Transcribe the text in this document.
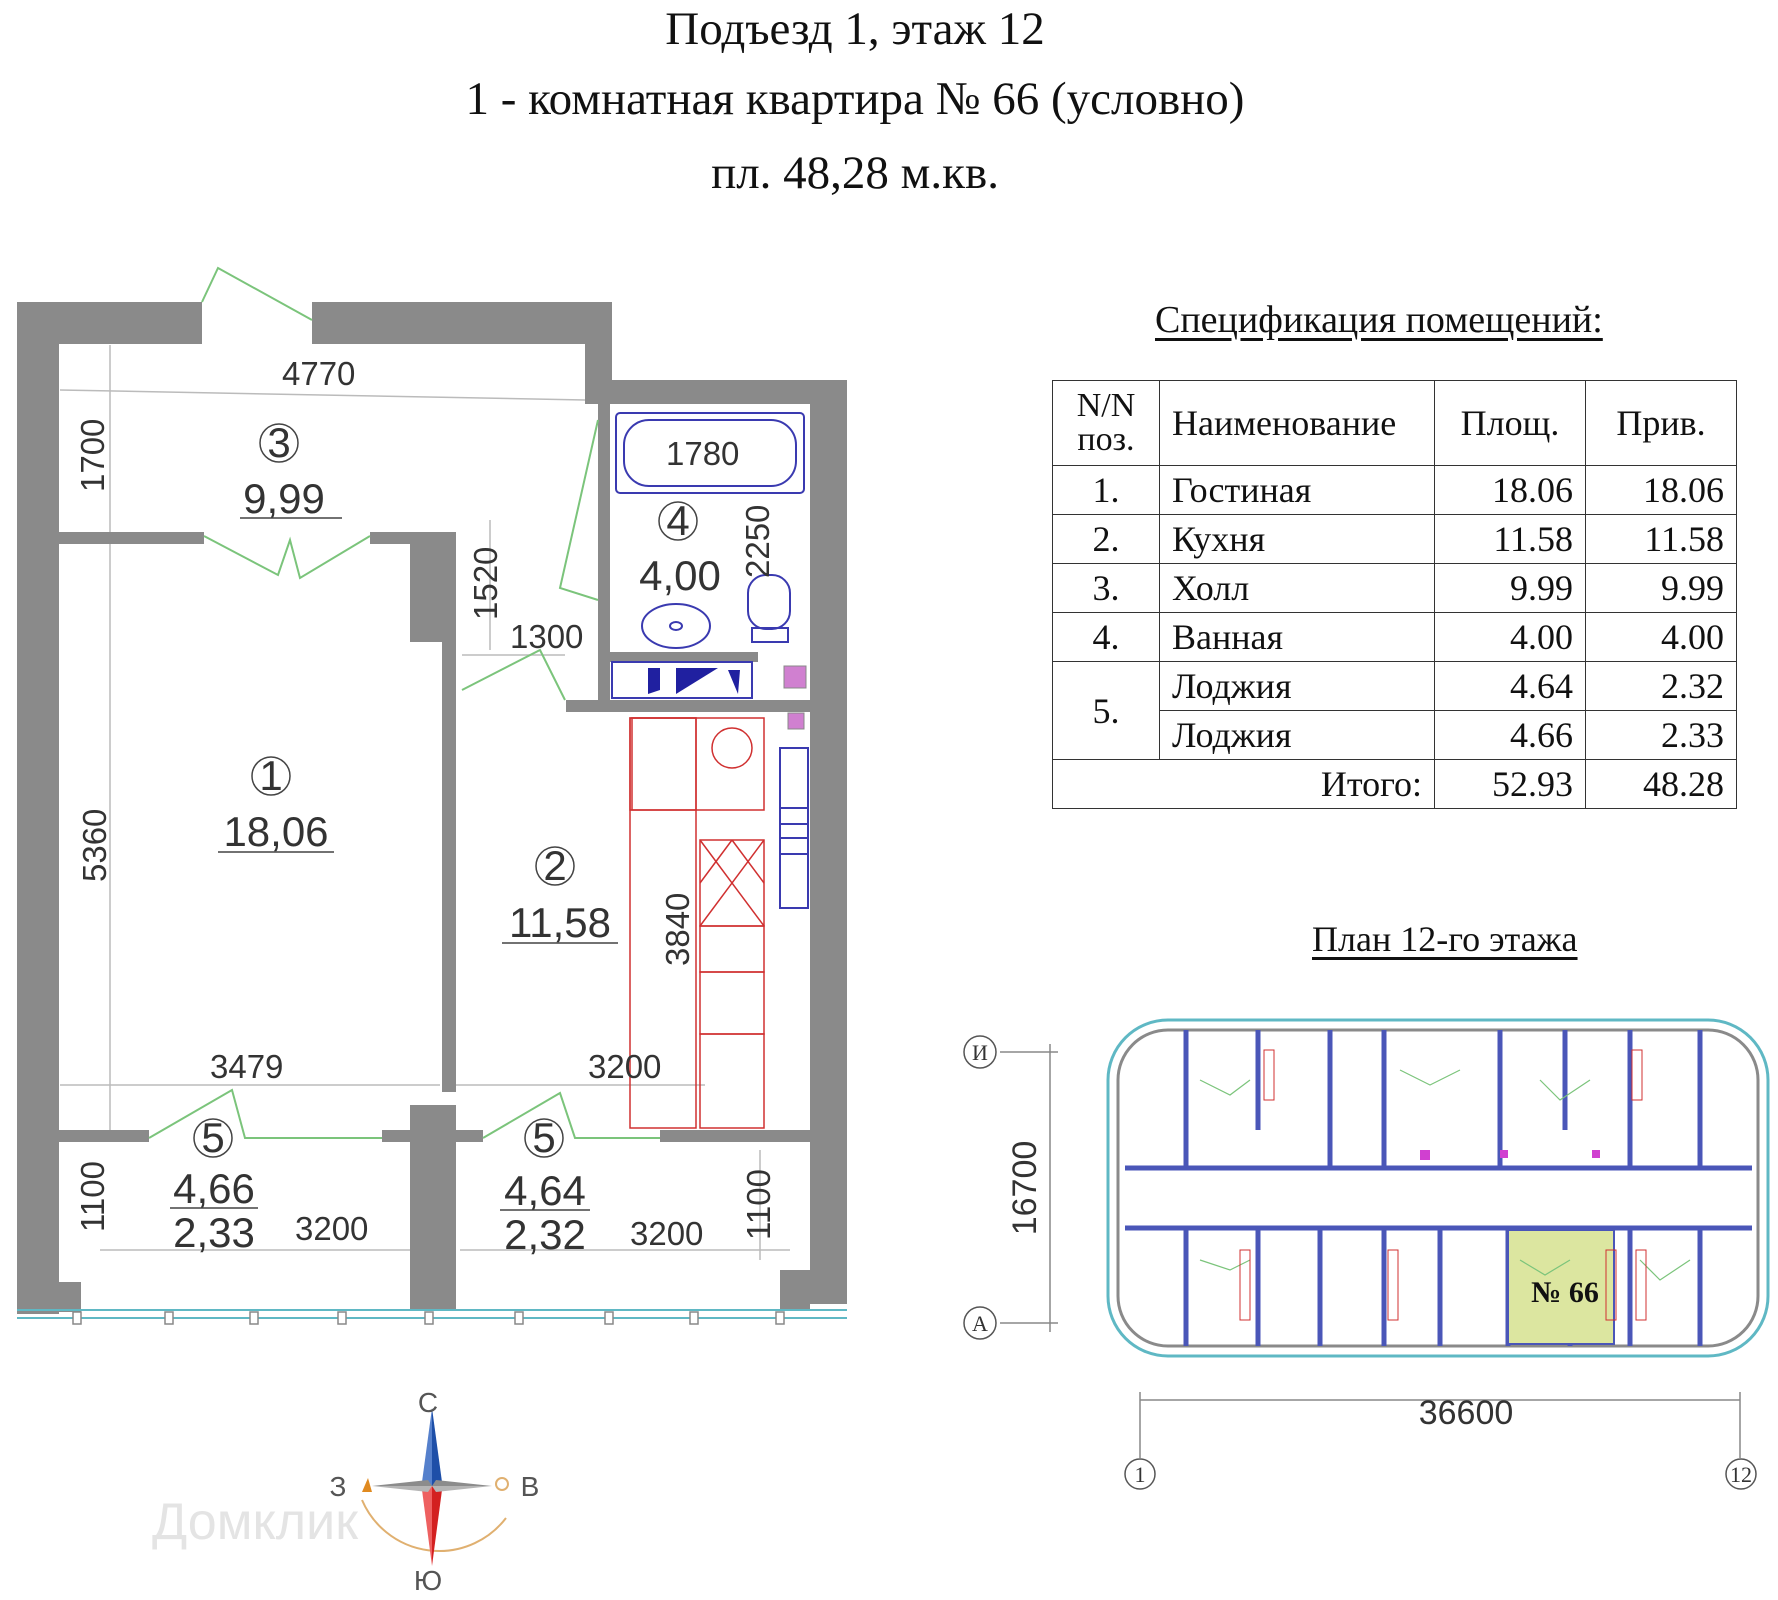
Подъезд 1, этаж 12
1 - комнатная квартира № 66 (условно)
пл. 48,28 м.кв.
3
9,99	4
4,00
1
18,06
2
11,58
5
4,66
2,33
5
4,64
2,32
4770
1700	1780
2250
1520
1300
5360
3840
3479	3200
1100	3200	3200 1100
С
Ю
З	В
№ 66
16700
36600
И
А
1	12
Спецификация помещений:
N/N
поз.	Наименование	Площ.	Прив.
1.	Гостиная	18.06	18.06
2.	Кухня	11.58	11.58
3.	Холл	9.99	9.99
4.	Ванная	4.00	4.00
5.	Лоджия	4.64	2.32
	Лоджия	4.66	2.33
Итого:		52.93	48.28
План 12-го этажа
Домклик
